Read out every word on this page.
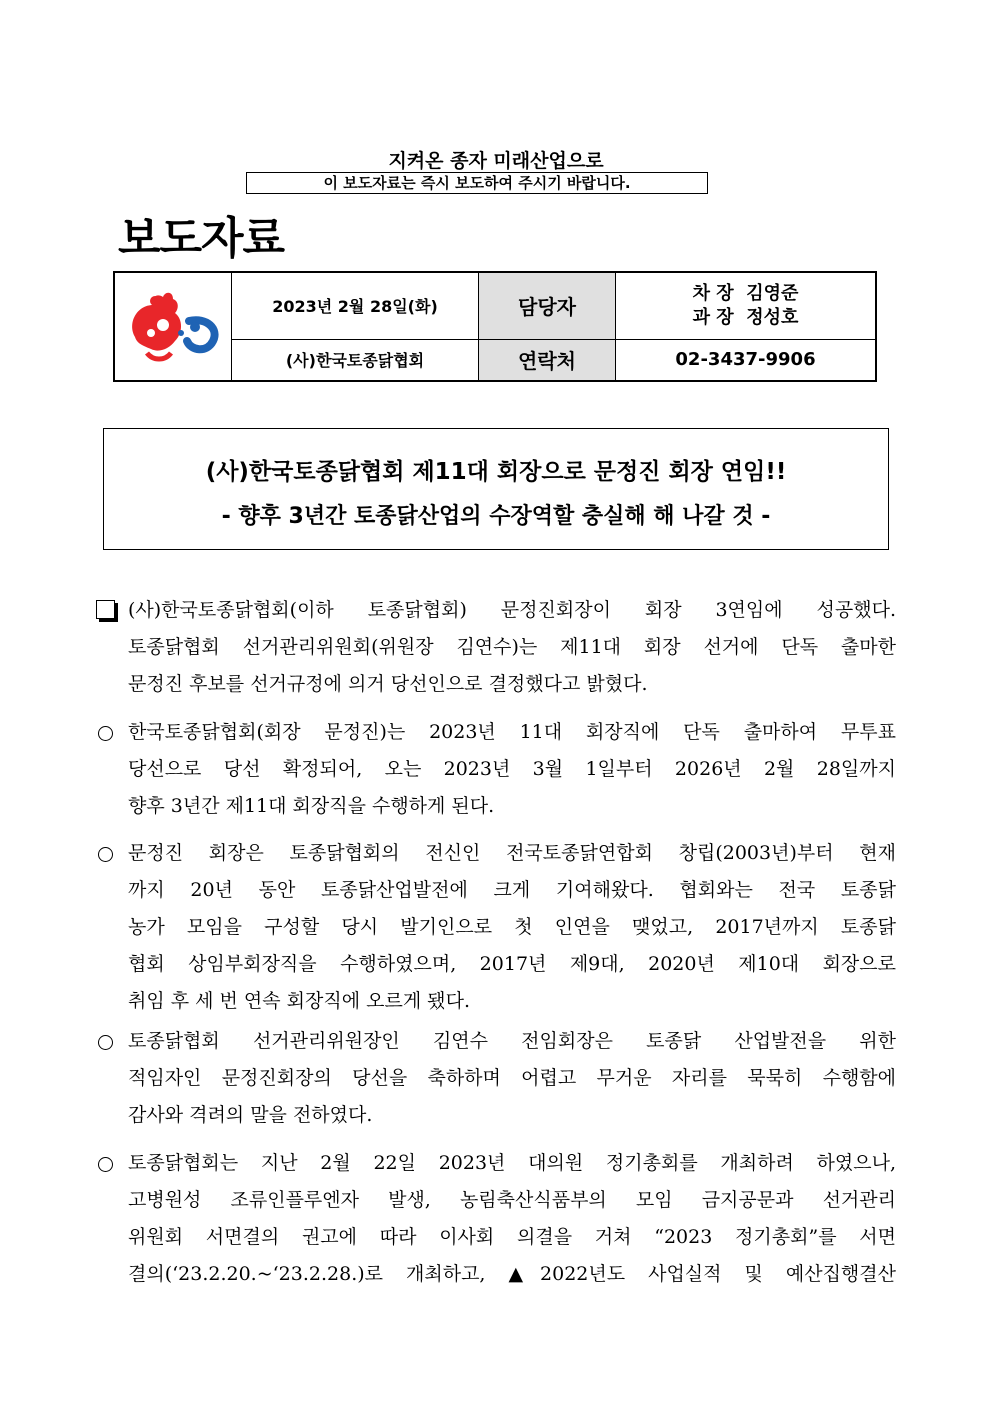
지켜온 종자 미래산업으로
이 보도자료는 즉시 보도하여 주시기 바랍니다.
보도자료
	2023년 2월 28일(화)	담당자	차 장  김영준
과 장  정성호

	(사)한국토종닭협회	연락처	02-3437-9906
(사)한국토종닭협회 제11대 회장으로 문정진 회장 연임!!
- 향후 3년간 토종닭산업의 수장역할 충실해 해 나갈 것 -
(사)한국토종닭협회(이하 토종닭협회) 문정진회장이 회장 3연임에 성공했다.
토종닭협회 선거관리위원회(위원장 김연수)는 제11대 회장 선거에 단독 출마한
문정진 후보를 선거규정에 의거 당선인으로 결정했다고 밝혔다.
한국토종닭협회(회장 문정진)는 2023년 11대 회장직에 단독 출마하여 무투표
당선으로 당선 확정되어, 오는 2023년 3월 1일부터 2026년 2월 28일까지
향후 3년간 제11대 회장직을 수행하게 된다.
문정진 회장은 토종닭협회의 전신인 전국토종닭연합회 창립(2003년)부터 현재
까지 20년 동안 토종닭산업발전에 크게 기여해왔다. 협회와는 전국 토종닭
농가 모임을 구성할 당시 발기인으로 첫 인연을 맺었고, 2017년까지 토종닭
협회 상임부회장직을 수행하였으며, 2017년 제9대, 2020년 제10대 회장으로
취임 후 세 번 연속 회장직에 오르게 됐다.
토종닭협회 선거관리위원장인 김연수 전임회장은 토종닭 산업발전을 위한
적임자인 문정진회장의 당선을 축하하며 어렵고 무거운 자리를 묵묵히 수행함에
감사와 격려의 말을 전하였다.
토종닭협회는 지난 2월 22일 2023년 대의원 정기총회를 개최하려 하였으나,
고병원성 조류인플루엔자 발생, 농림축산식품부의 모임 금지공문과 선거관리
위원회 서면결의 권고에 따라 이사회 의결을 거쳐 “2023 정기총회”를 서면
결의(‘23.2.20.~‘23.2.28.)로 개최하고, ▲2022년도 사업실적 및 예산집행결산
